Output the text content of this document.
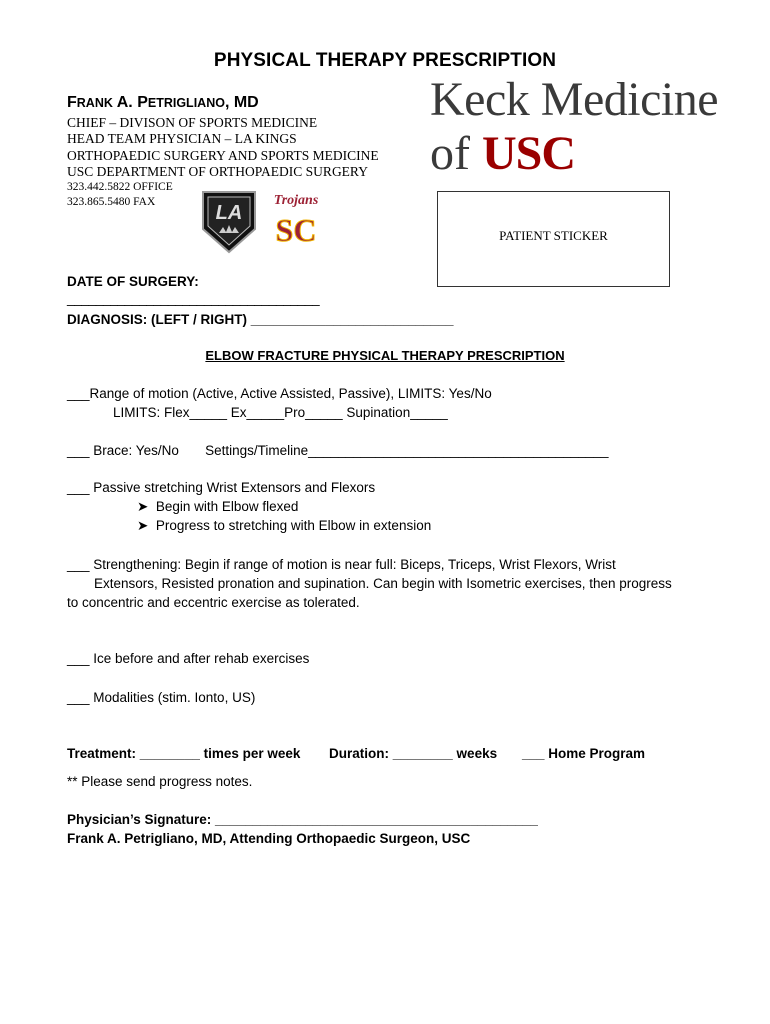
PHYSICAL THERAPY PRESCRIPTION
FRANK A. PETRIGLIANO, MD
CHIEF – DIVISON OF SPORTS MEDICINE
HEAD TEAM PHYSICIAN – LA KINGS
ORTHOPAEDIC SURGERY AND SPORTS MEDICINE
USC DEPARTMENT OF ORTHOPAEDIC SURGERY
323.442.5822 OFFICE
323.865.5480 FAX	LA
Trojans
SC
Keck Medicine
of USC
PATIENT STICKER
DATE OF SURGERY:
___________________________________
DIAGNOSIS: (LEFT / RIGHT) ___________________________
ELBOW FRACTURE PHYSICAL THERAPY PRESCRIPTION
___Range of motion (Active, Active Assisted, Passive), LIMITS: Yes/No
LIMITS: Flex_____ Ex_____Pro_____ Supination_____
___ Brace: Yes/No       Settings/Timeline________________________________________
___ Passive stretching Wrist Extensors and Flexors
➤ Begin with Elbow flexed
➤ Progress to stretching with Elbow in extension
___ Strengthening: Begin if range of motion is near full: Biceps, Triceps, Wrist Flexors, Wrist
Extensors, Resisted pronation and supination. Can begin with Isometric exercises, then progress
to concentric and eccentric exercise as tolerated.
___ Ice before and after rehab exercises
___ Modalities (stim. Ionto, US)
Treatment: ________ times per week Duration: ________ weeks ___ Home Program
** Please send progress notes.
Physician’s Signature: ___________________________________________
Frank A. Petrigliano, MD, Attending Orthopaedic Surgeon, USC
